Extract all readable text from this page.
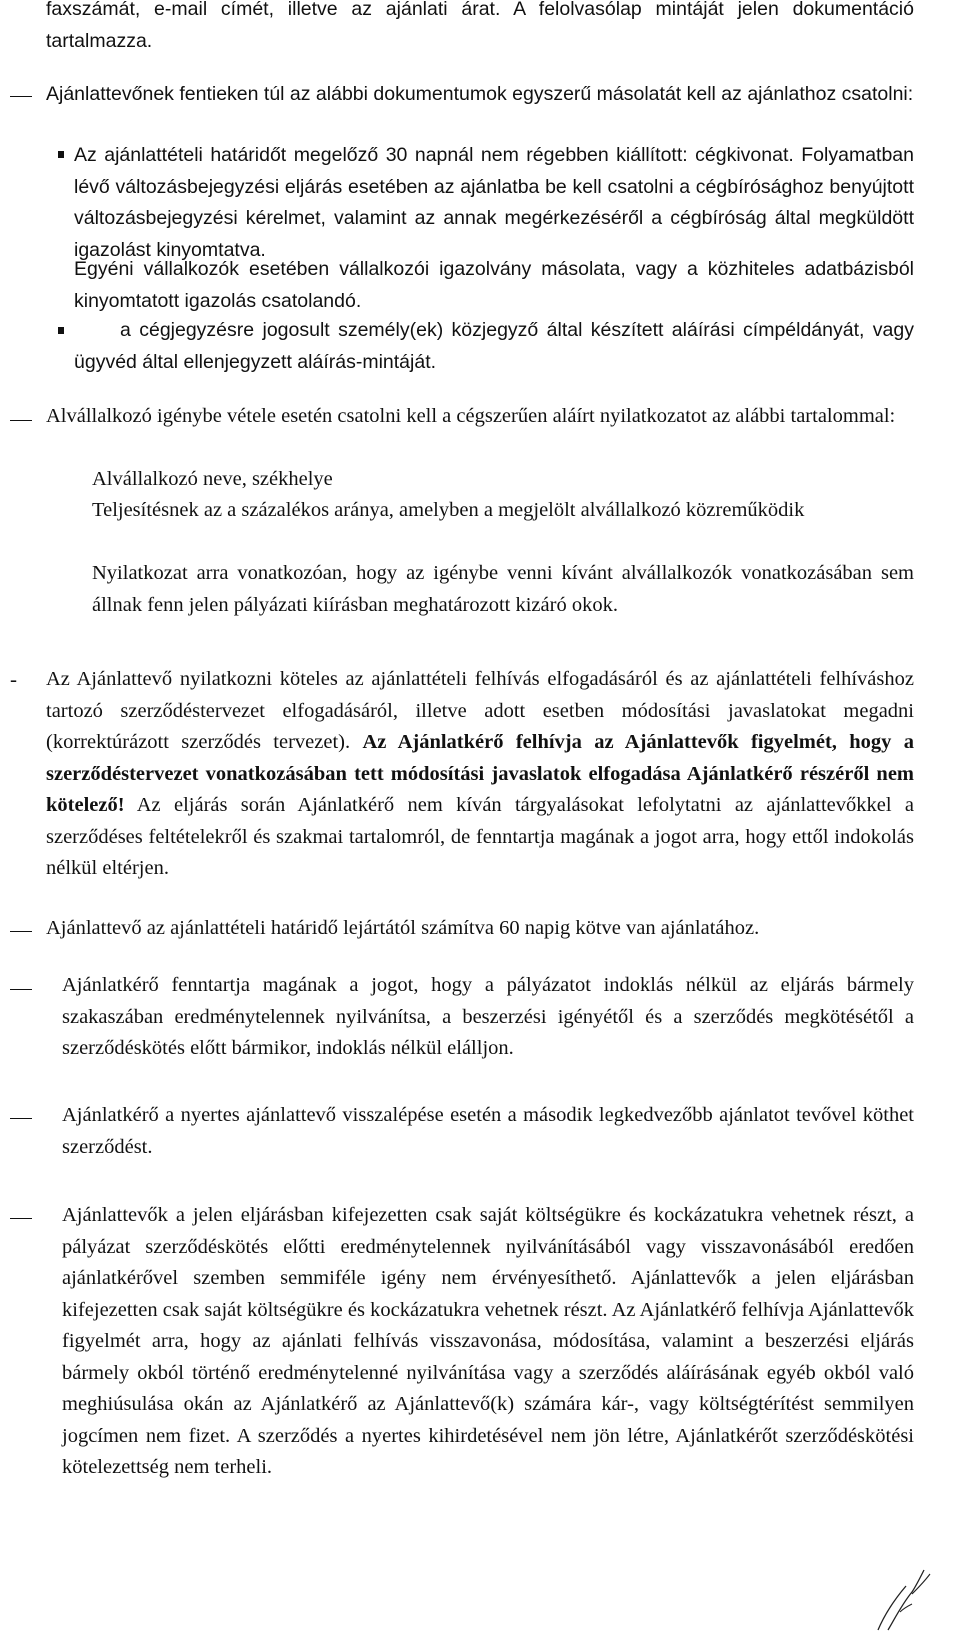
faxszámát, e-mail címét, illetve az ajánlati árat. A felolvasólap mintáját jelen dokumentáció tartalmazza.
Ajánlattevőnek fentieken túl az alábbi dokumentumok egyszerű másolatát kell az ajánlathoz csatolni:
Az ajánlattételi határidőt megelőző 30 napnál nem régebben kiállított: cégkivonat. Folyamatban lévő változásbejegyzési eljárás esetében az ajánlatba be kell csatolni a cégbírósághoz benyújtott változásbejegyzési kérelmet, valamint az annak megérkezéséről a cégbíróság által megküldött igazolást kinyomtatva.
Egyéni vállalkozók esetében vállalkozói igazolvány másolata, vagy a közhiteles adatbázisból kinyomtatott igazolás csatolandó.
a cégjegyzésre jogosult személy(ek) közjegyző által készített aláírási címpéldányát, vagy ügyvéd által ellenjegyzett aláírás-mintáját.
Alvállalkozó igénybe vétele esetén csatolni kell a cégszerűen aláírt nyilatkozatot az alábbi tartalommal:
Alvállalkozó neve, székhelye
Teljesítésnek az a százalékos aránya, amelyben a megjelölt alvállalkozó közreműködik
Nyilatkozat arra vonatkozóan, hogy az igénybe venni kívánt alvállalkozók vonatkozásában sem állnak fenn jelen pályázati kiírásban meghatározott kizáró okok.
- Az Ajánlattevő nyilatkozni köteles az ajánlattételi felhívás elfogadásáról és az ajánlattételi felhíváshoz tartozó szerződéstervezet elfogadásáról, illetve adott esetben módosítási javaslatokat megadni (korrektúrázott szerződés tervezet). Az Ajánlatkérő felhívja az Ajánlattevők figyelmét, hogy a szerződéstervezet vonatkozásában tett módosítási javaslatok elfogadása Ajánlatkérő részéről nem kötelező! Az eljárás során Ajánlatkérő nem kíván tárgyalásokat lefolytatni az ajánlattevőkkel a szerződéses feltételekről és szakmai tartalomról, de fenntartja magának a jogot arra, hogy ettől indokolás nélkül eltérjen.
Ajánlattevő az ajánlattételi határidő lejártától számítva 60 napig kötve van ajánlatához.
Ajánlatkérő fenntartja magának a jogot, hogy a pályázatot indoklás nélkül az eljárás bármely szakaszában eredménytelennek nyilvánítsa, a beszerzési igényétől és a szerződés megkötésétől a szerződéskötés előtt bármikor, indoklás nélkül elálljon.
Ajánlatkérő a nyertes ajánlattevő visszalépése esetén a második legkedvezőbb ajánlatot tevővel köthet szerződést.
Ajánlattevők a jelen eljárásban kifejezetten csak saját költségükre és kockázatukra vehetnek részt, a pályázat szerződéskötés előtti eredménytelennek nyilvánításából vagy visszavonásából eredően ajánlatkérővel szemben semmiféle igény nem érvényesíthető. Ajánlattevők a jelen eljárásban kifejezetten csak saját költségükre és kockázatukra vehetnek részt. Az Ajánlatkérő felhívja Ajánlattevők figyelmét arra, hogy az ajánlati felhívás visszavonása, módosítása, valamint a beszerzési eljárás bármely okból történő eredménytelenné nyilvánítása vagy a szerződés aláírásának egyéb okból való meghiúsulása okán az Ajánlatkérő az Ajánlattevő(k) számára kár-, vagy költségtérítést semmilyen jogcímen nem fizet. A szerződés a nyertes kihirdetésével nem jön létre, Ajánlatkérőt szerződéskötési kötelezettség nem terheli.
